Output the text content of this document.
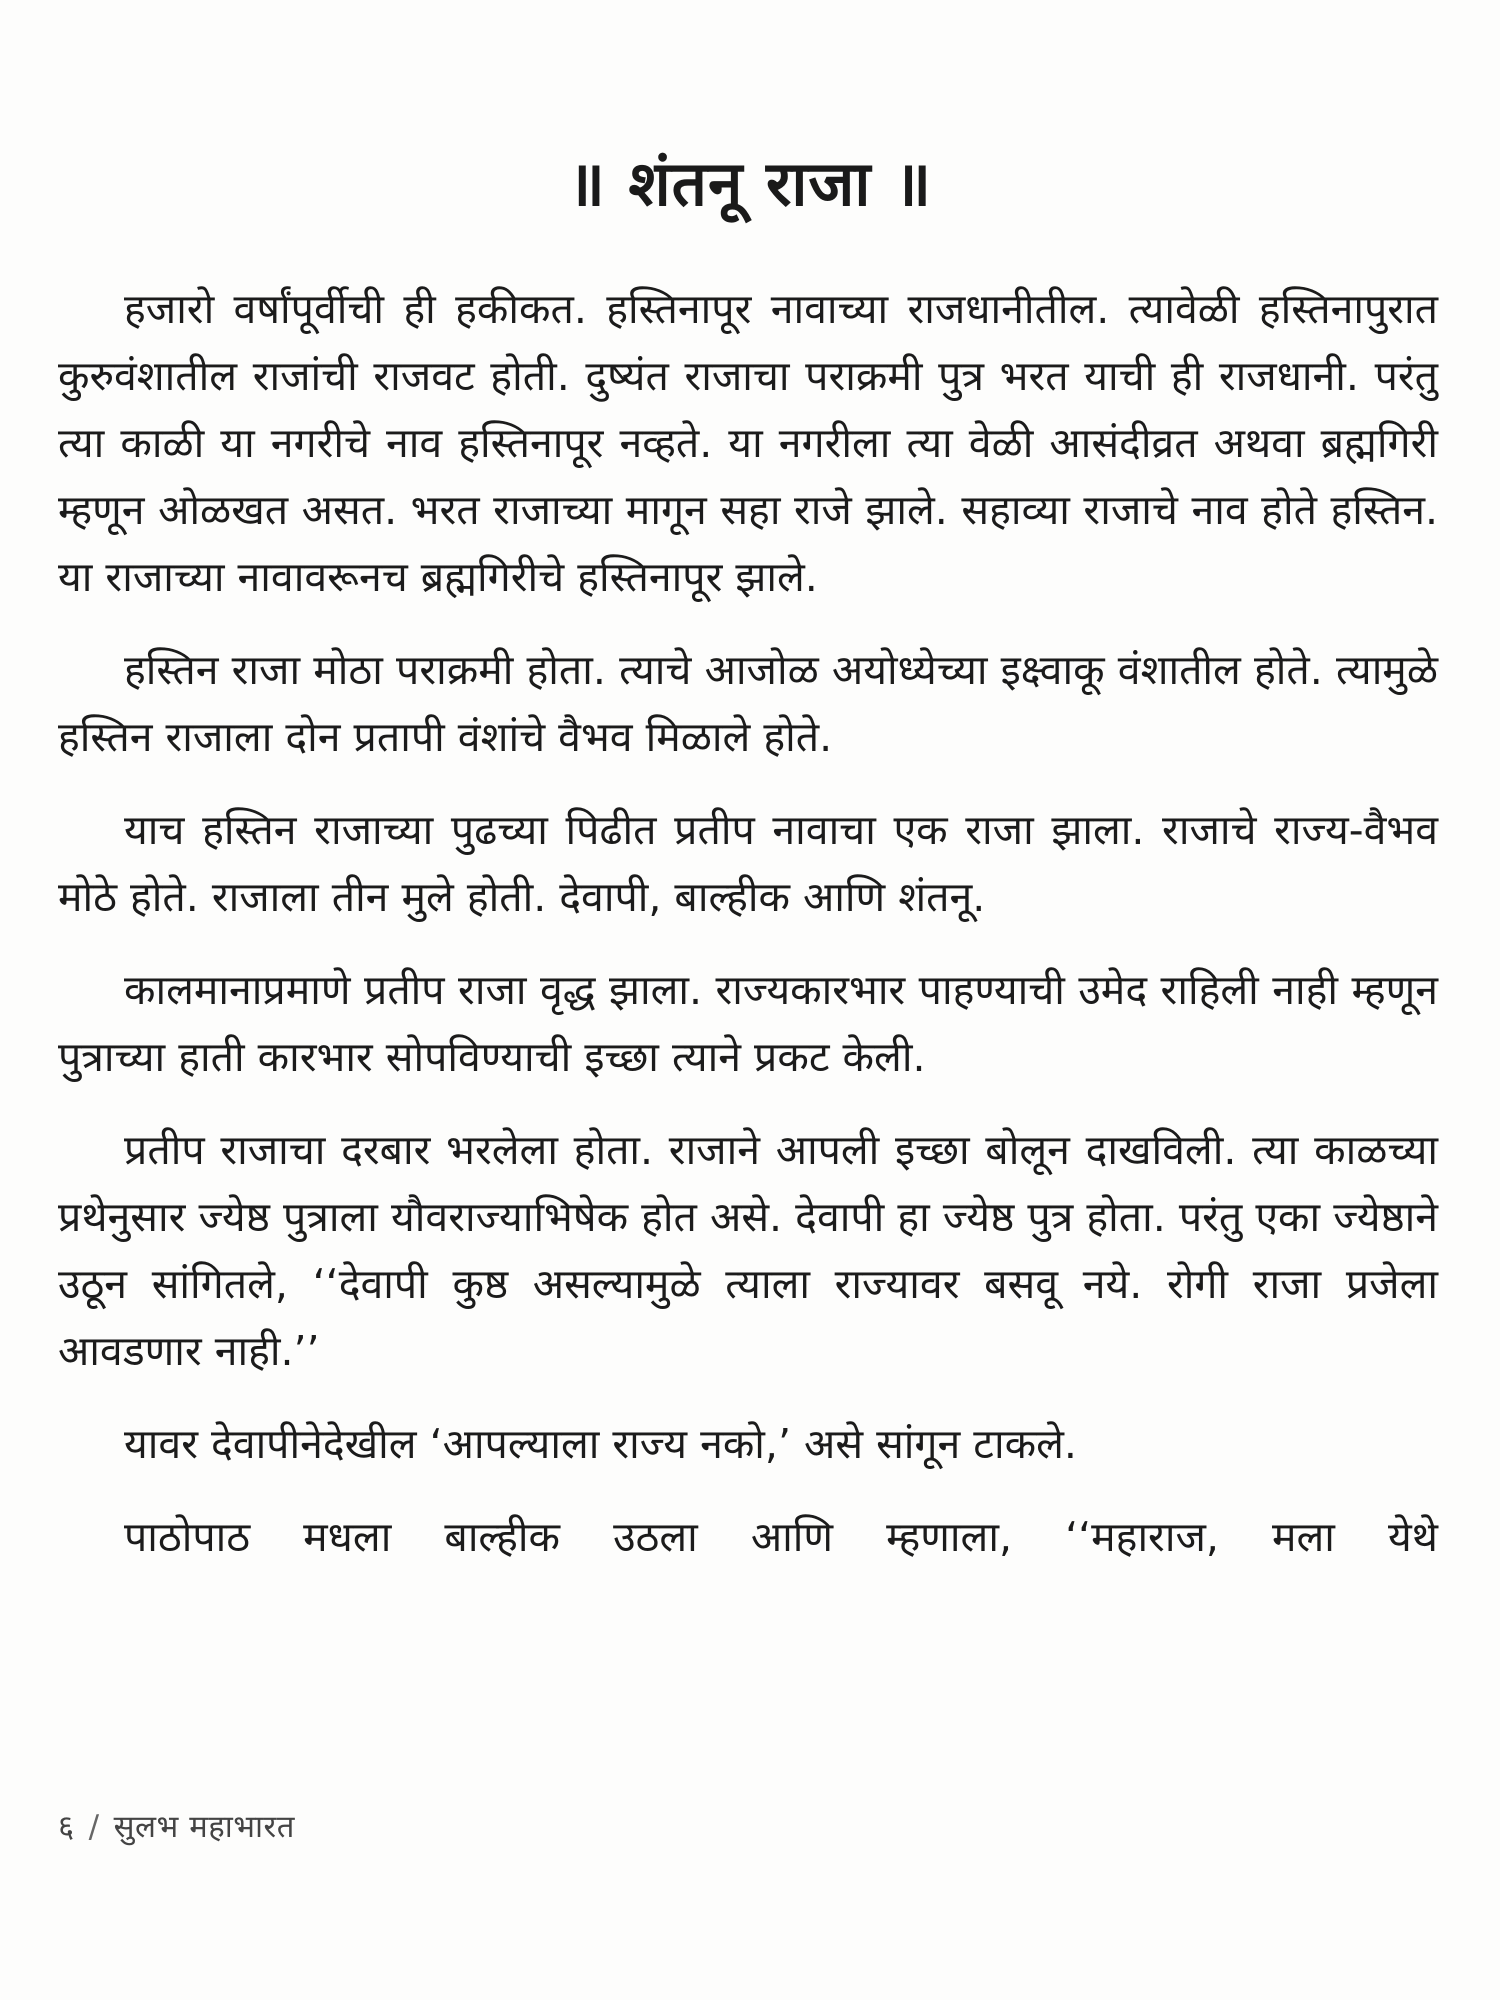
॥ शंतनू राजा ॥

हजारो वर्षांपूर्वीची ही हकीकत. हस्तिनापूर नावाच्या राजधानीतील. त्यावेळी हस्तिनापुरात कुरुवंशातील राजांची राजवट होती. दुष्यंत राजाचा पराक्रमी पुत्र भरत याची ही राजधानी. परंतु त्या काळी या नगरीचे नाव हस्तिनापूर नव्हते. या नगरीला त्या वेळी आसंदीव्रत अथवा ब्रह्मगिरी म्हणून ओळखत असत. भरत राजाच्या मागून सहा राजे झाले. सहाव्या राजाचे नाव होते हस्तिन. या राजाच्या नावावरूनच ब्रह्मगिरीचे हस्तिनापूर झाले.

हस्तिन राजा मोठा पराक्रमी होता. त्याचे आजोळ अयोध्येच्या इक्ष्वाकू वंशातील होते. त्यामुळे हस्तिन राजाला दोन प्रतापी वंशांचे वैभव मिळाले होते.

याच हस्तिन राजाच्या पुढच्या पिढीत प्रतीप नावाचा एक राजा झाला. राजाचे राज्य-वैभव मोठे होते. राजाला तीन मुले होती. देवापी, बाल्हीक आणि शंतनू.

कालमानाप्रमाणे प्रतीप राजा वृद्ध झाला. राज्यकारभार पाहण्याची उमेद राहिली नाही म्हणून पुत्राच्या हाती कारभार सोपविण्याची इच्छा त्याने प्रकट केली.

प्रतीप राजाचा दरबार भरलेला होता. राजाने आपली इच्छा बोलून दाखविली. त्या काळच्या प्रथेनुसार ज्येष्ठ पुत्राला यौवराज्याभिषेक होत असे. देवापी हा ज्येष्ठ पुत्र होता. परंतु एका ज्येष्ठाने उठून सांगितले, ‘‘देवापी कुष्ठ असल्यामुळे त्याला राज्यावर बसवू नये. रोगी राजा प्रजेला आवडणार नाही.’’

यावर देवापीनेदेखील ‘आपल्याला राज्य नको,’ असे सांगून टाकले.

पाठोपाठ मधला बाल्हीक उठला आणि म्हणाला, ‘‘महाराज, मला येथे

६ / सुलभ महाभारत
